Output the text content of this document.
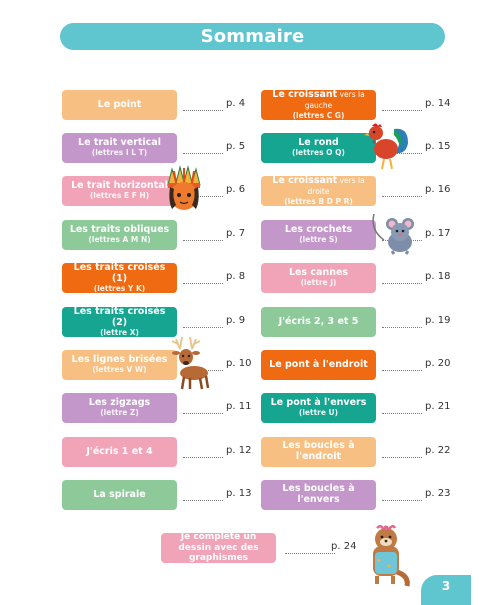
Sommaire
Le point	p. 4
Le trait vertical
(lettres I L T)
p. 5
Le trait horizontal
(lettres E F H)
p. 6
Les traits obliques
(lettres A M N)
p. 7
Les traits croisés (1)
(lettres Y K)
p. 8
Les traits croisés (2)
(lettre X)
p. 9
Les lignes brisées
(lettres V W)
p. 10
Les zigzags
(lettre Z)
p. 11
J'écris 1 et 4	p. 12
La spirale	p. 13
Le croissant vers la gauche
(lettres C G)
p. 14
Le rond
(lettres O Q)
p. 15
Le croissant vers la droite
(lettres B D P R)
p. 16
Les crochets
(lettre S)
p. 17
Les cannes
(lettre J)
p. 18
J'écris 2, 3 et 5	p. 19
Le pont à l'endroit	p. 20
Le pont à l'envers
(lettre U)
p. 21
Les boucles à l'endroit
p. 22
Les boucles à l'envers
p. 23
Je complète un dessin avec des graphismes
p. 24
3
